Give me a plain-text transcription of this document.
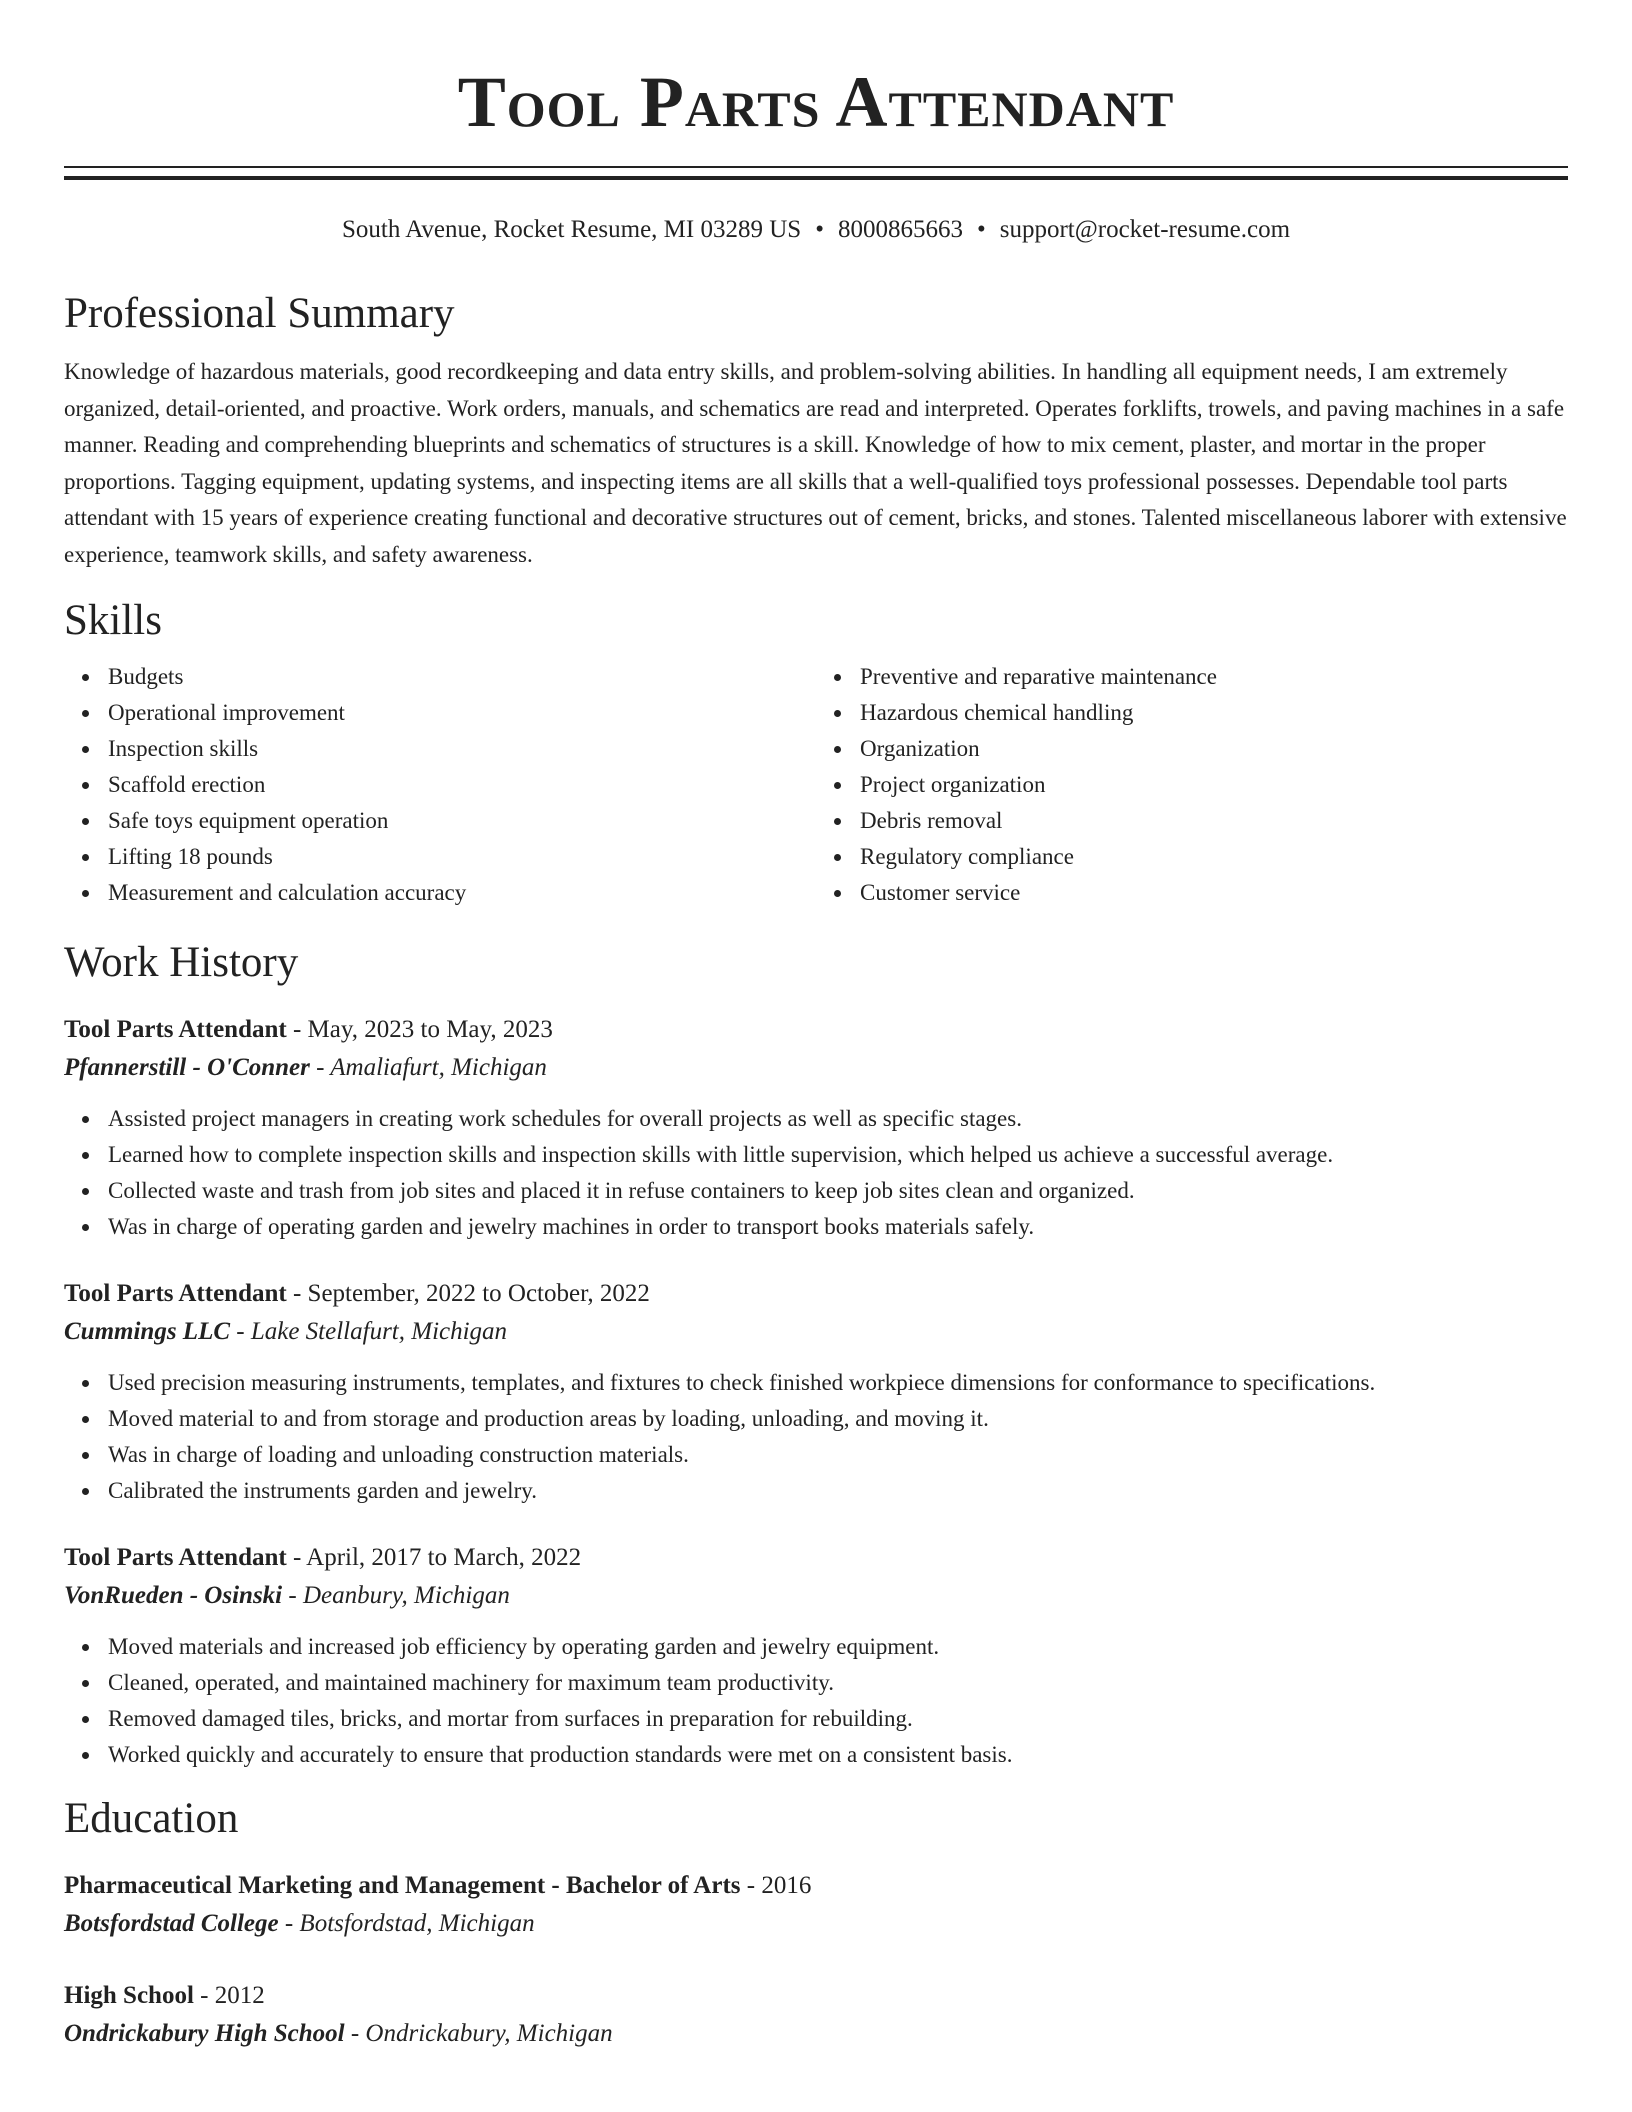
Tool Parts Attendant
South Avenue, Rocket Resume, MI 03289 US • 8000865663 • support@rocket-resume.com
Professional Summary

Knowledge of hazardous materials, good recordkeeping and data entry skills, and problem-solving abilities. In handling all equipment needs, I am extremely organized, detail-oriented, and proactive. Work orders, manuals, and schematics are read and interpreted. Operates forklifts, trowels, and paving machines in a safe manner. Reading and comprehending blueprints and schematics of structures is a skill. Knowledge of how to mix cement, plaster, and mortar in the proper proportions. Tagging equipment, updating systems, and inspecting items are all skills that a well-qualified toys professional possesses. Dependable tool parts attendant with 15 years of experience creating functional and decorative structures out of cement, bricks, and stones. Talented miscellaneous laborer with extensive experience, teamwork skills, and safety awareness.

Skills
Budgets
Operational improvement
Inspection skills
Scaffold erection
Safe toys equipment operation
Lifting 18 pounds
Measurement and calculation accuracy
Preventive and reparative maintenance
Hazardous chemical handling
Organization
Project organization
Debris removal
Regulatory compliance
Customer service
Work History
Tool Parts Attendant - May, 2023 to May, 2023
Pfannerstill - O'Conner - Amaliafurt, Michigan
Assisted project managers in creating work schedules for overall projects as well as specific stages.
Learned how to complete inspection skills and inspection skills with little supervision, which helped us achieve a successful average.
Collected waste and trash from job sites and placed it in refuse containers to keep job sites clean and organized.
Was in charge of operating garden and jewelry machines in order to transport books materials safely.
Tool Parts Attendant - September, 2022 to October, 2022
Cummings LLC - Lake Stellafurt, Michigan
Used precision measuring instruments, templates, and fixtures to check finished workpiece dimensions for conformance to specifications.
Moved material to and from storage and production areas by loading, unloading, and moving it.
Was in charge of loading and unloading construction materials.
Calibrated the instruments garden and jewelry.
Tool Parts Attendant - April, 2017 to March, 2022
VonRueden - Osinski - Deanbury, Michigan
Moved materials and increased job efficiency by operating garden and jewelry equipment.
Cleaned, operated, and maintained machinery for maximum team productivity.
Removed damaged tiles, bricks, and mortar from surfaces in preparation for rebuilding.
Worked quickly and accurately to ensure that production standards were met on a consistent basis.
Education
Pharmaceutical Marketing and Management - Bachelor of Arts - 2016
Botsfordstad College - Botsfordstad, Michigan
High School - 2012
Ondrickabury High School - Ondrickabury, Michigan
